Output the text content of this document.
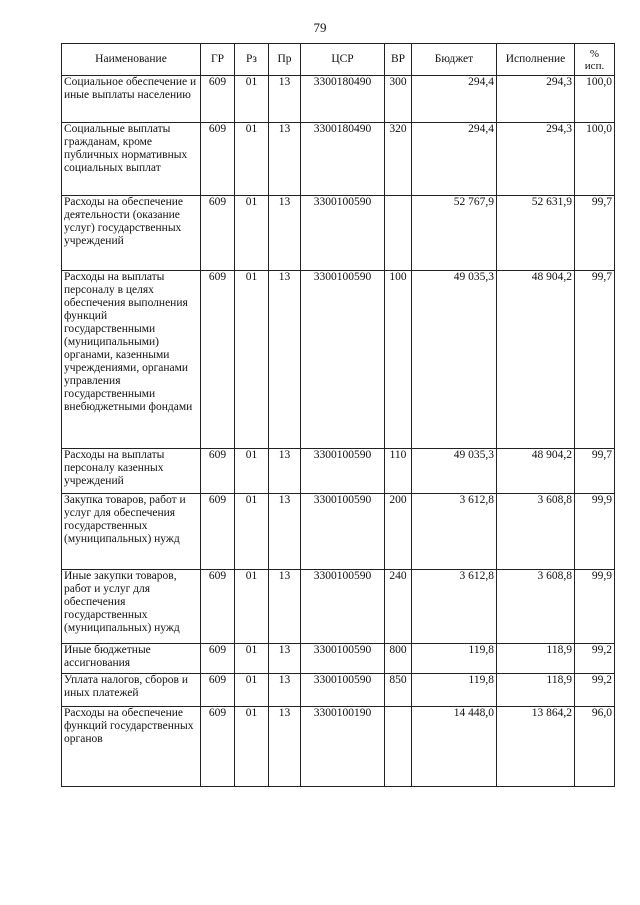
79
Наименование	ГР	Рз	Пр	ЦСР	ВР	Бюджет	Исполнение	%
исп.

Социальное обеспечение и иные выплаты населению	609	01	13	3300180490	300	294,4	294,3	100,0
Социальные выплаты гражданам, кроме публичных нормативных социальных выплат	609	01	13	3300180490	320	294,4	294,3	100,0
Расходы на обеспечение деятельности (оказание услуг) государственных учреждений	609	01	13	3300100590		52 767,9	52 631,9	99,7
Расходы на выплаты персоналу в целях обеспечения выполнения функций государственными (муниципальными) органами, казенными учреждениями, органами управления государственными внебюджетными фондами	609	01	13	3300100590	100	49 035,3	48 904,2	99,7
Расходы на выплаты персоналу казенных учреждений	609	01	13	3300100590	110	49 035,3	48 904,2	99,7
Закупка товаров, работ и услуг для обеспечения государственных (муниципальных) нужд	609	01	13	3300100590	200	3 612,8	3 608,8	99,9
Иные закупки товаров, работ и услуг для обеспечения государственных (муниципальных) нужд	609	01	13	3300100590	240	3 612,8	3 608,8	99,9
Иные бюджетные ассигнования	609	01	13	3300100590	800	119,8	118,9	99,2
Уплата налогов, сборов и иных платежей	609	01	13	3300100590	850	119,8	118,9	99,2
Расходы на обеспечение функций государственных органов	609	01	13	3300100190		14 448,0	13 864,2	96,0
